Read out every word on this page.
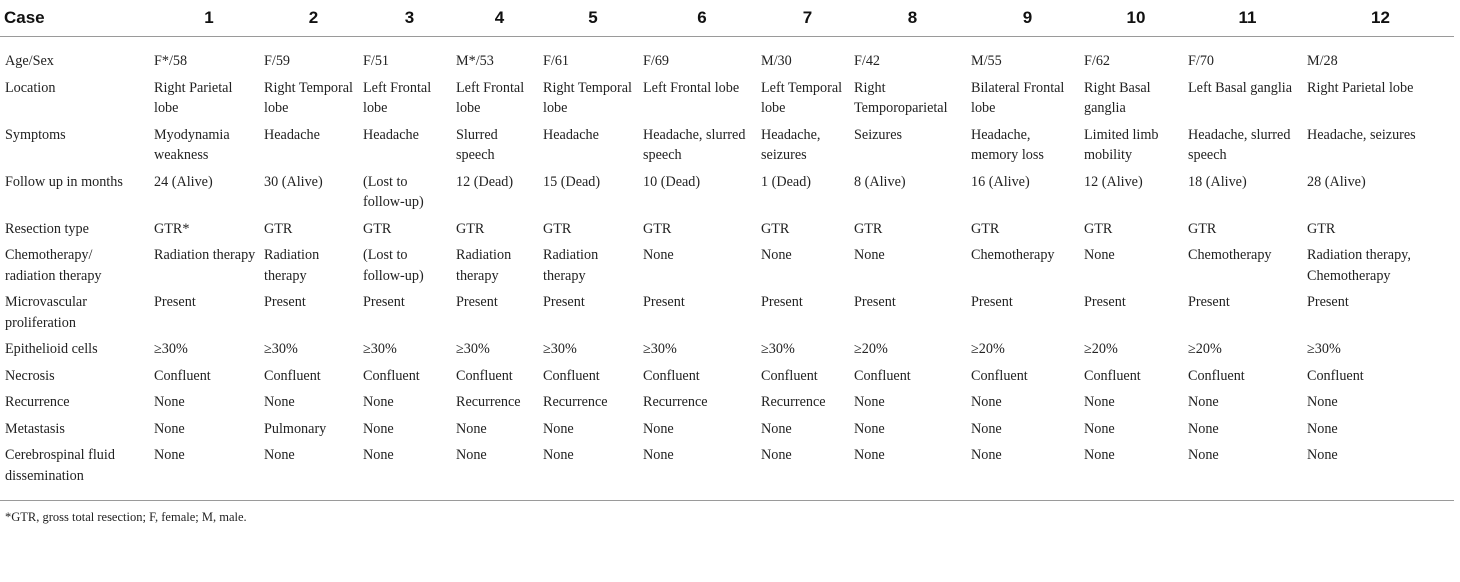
Case	1	2	3	4	5	6	7	8	9	10	11	12
Age/Sex	F*/58	F/59	F/51	M*/53	F/61	F/69	M/30	F/42	M/55	F/62	F/70	M/28
Location	Right Parietal lobe	Right Temporal lobe	Left Frontal lobe	Left Frontal lobe	Right Temporal lobe	Left Frontal lobe	Left Temporal lobe	Right Temporoparietal	Bilateral Frontal lobe	Right Basal ganglia	Left Basal ganglia	Right Parietal lobe
Symptoms	Myodynamia weakness	Headache	Headache	Slurred speech	Headache	Headache, slurred speech	Headache, seizures	Seizures	Headache, memory loss	Limited limb mobility	Headache, slurred speech	Headache, seizures
Follow up in months	24 (Alive)	30 (Alive)	(Lost to follow-up)	12 (Dead)	15 (Dead)	10 (Dead)	1 (Dead)	8 (Alive)	16 (Alive)	12 (Alive)	18 (Alive)	28 (Alive)
Resection type	GTR*	GTR	GTR	GTR	GTR	GTR	GTR	GTR	GTR	GTR	GTR	GTR
Chemotherapy/ radiation therapy	Radiation therapy	Radiation therapy	(Lost to follow-up)	Radiation therapy	Radiation therapy	None	None	None	Chemotherapy	None	Chemotherapy	Radiation therapy, Chemotherapy
Microvascular proliferation	Present	Present	Present	Present	Present	Present	Present	Present	Present	Present	Present	Present
Epithelioid cells	≥30%	≥30%	≥30%	≥30%	≥30%	≥30%	≥30%	≥20%	≥20%	≥20%	≥20%	≥30%
Necrosis	Confluent	Confluent	Confluent	Confluent	Confluent	Confluent	Confluent	Confluent	Confluent	Confluent	Confluent	Confluent
Recurrence	None	None	None	Recurrence	Recurrence	Recurrence	Recurrence	None	None	None	None	None
Metastasis	None	Pulmonary	None	None	None	None	None	None	None	None	None	None
Cerebrospinal fluid dissemination	None	None	None	None	None	None	None	None	None	None	None	None
*GTR, gross total resection; F, female; M, male.
